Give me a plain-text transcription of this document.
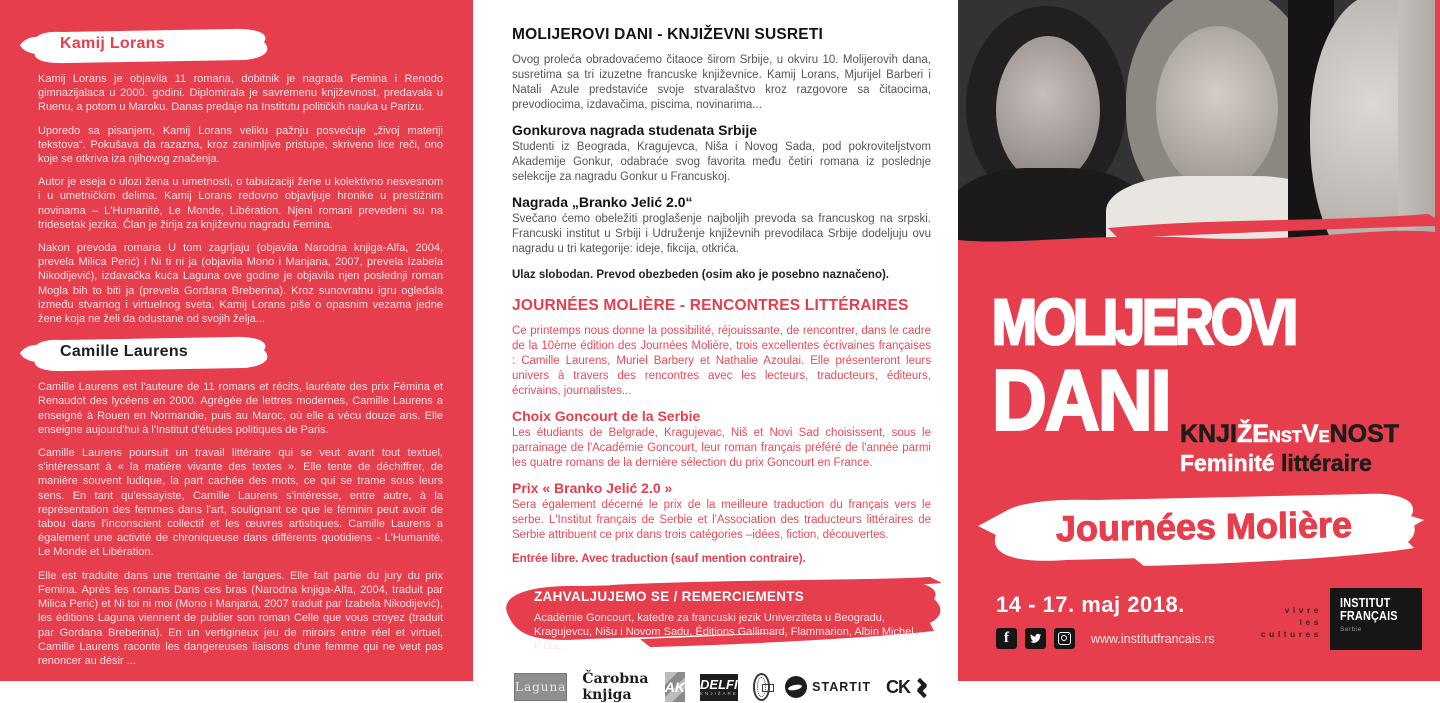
Kamij Lorans

Kamij Lorans je objavila 11 romana, dobitnik je nagrada Femina i Renodo gimnazijalaca u 2000. godini. Diplomirala je savremenu književnost, predavala u Ruenu, a potom u Maroku. Danas predaje na Institutu političkih nauka u Parizu.

Uporedo sa pisanjem, Kamij Lorans veliku pažnju posvećuje „živoj materiji tekstova“. Pokušava da razazna, kroz zanimljive pristupe, skriveno lice reči, ono koje se otkriva iza njihovog značenja.

Autor je eseja o ulozi žena u umetnosti, o tabuizaciji žene u kolektivno nesvesnom i u umetničkim delima. Kamij Lorans redovno objavljuje hronike u prestižnim novinama – L'Humanité, Le Monde, Libération. Njeni romani prevedeni su na tridesetak jezika. Član je žirija za književnu nagradu Femina.

Nakon prevoda romana U tom zagrljaju (objavila Narodna knjiga-Alfa, 2004, prevela Milica Perić) i Ni ti ni ja (objavila Mono i Manjana, 2007, prevela Izabela Nikodijević), izdavačka kuća Laguna ove godine je objavila njen poslednji roman Mogla bih to biti ja (prevela Gordana Breberina). Kroz sunovratnu igru ogledala između stvarnog i virtuelnog sveta, Kamij Lorans piše o opasnim vezama jedne žene koja ne želi da odustane od svojih želja...

Camille Laurens

Camille Laurens est l'auteure de 11 romans et récits, lauréate des prix Fémina et Renaudot des lycéens en 2000. Agrégée de lettres modernes, Camille Laurens a enseigné à Rouen en Normandie, puis au Maroc, où elle a vécu douze ans. Elle enseigne aujourd'hui à l'Institut d'études politiques de Paris.

Camille Laurens poursuit un travail littéraire qui se veut avant tout textuel, s'intéressant à « la matière vivante des textes ». Elle tente de déchiffrer, de manière souvent ludique, la part cachée des mots, ce qui se trame sous leurs sens. En tant qu'essayiste, Camille Laurens s'intéresse, entre autre, à la représentation des femmes dans l'art, soulignant ce que le féminin peut avoir de tabou dans l'inconscient collectif et les œuvres artistiques. Camille Laurens a également une activité de chroniqueuse dans différents quotidiens - L'Humanité, Le Monde et Libération.

Elle est traduite dans une trentaine de langues. Elle fait partie du jury du prix Femina. Après les romans Dans ces bras (Narodna knjiga-Alfa, 2004, traduit par Milica Perić) et Ni toi ni moi (Mono i Manjana, 2007 traduit par Izabela Nikodijević), les éditions Laguna viennent de publier son roman Celle que vous croyez (traduit par Gordana Breberina). En un vertigineux jeu de miroirs entre réel et virtuel, Camille Laurens raconte les dangereuses liaisons d'une femme qui ne veut pas renoncer au désir ...

MOLIJEROVI DANI - KNJIŽEVNI SUSRETI

Ovog proleća obradovaćemo čitaoce širom Srbije, u okviru 10. Molijerovih dana, susretima sa tri izuzetne francuske književnice. Kamij Lorans, Mjurijel Barberi i Natali Azule predstaviće svoje stvaralaštvo kroz razgovore sa čitaocima, prevodiocima, izdavačima, piscima, novinarima...

Gonkurova nagrada studenata Srbije

Studenti iz Beograda, Kragujevca, Niša i Novog Sada, pod pokroviteljstvom Akademije Gonkur, odabraće svog favorita među četiri romana iz poslednje selekcije za nagradu Gonkur u Francuskoj.

Nagrada „Branko Jelić 2.0“

Svečano ćemo obeležiti proglašenje najboljih prevoda sa francuskog na srpski. Francuski institut u Srbiji i Udruženje književnih prevodilaca Srbije dodeljuju ovu nagradu u tri kategorije: ideje, fikcija, otkrića.

Ulaz slobodan. Prevod obezbeden (osim ako je posebno naznačeno).

JOURNÉES MOLIÈRE - RENCONTRES LITTÉRAIRES

Ce printemps nous donne la possibilité, réjouissante, de rencontrer, dans le cadre de la 10ème édition des Journées Molière, trois excellentes écrivaines françaises : Camille Laurens, Muriel Barbery et Nathalie Azoulai. Elle présenteront leurs univers à travers des rencontres avec les lecteurs, traducteurs, éditeurs, écrivains, journalistes...

Choix Goncourt de la Serbie

Les étudiants de Belgrade, Kragujevac, Niš et Novi Sad choisissent, sous le parrainage de l'Académie Goncourt, leur roman français préféré de l'année parmi les quatre romans de la dernière sélection du prix Goncourt en France.

Prix « Branko Jelić 2.0 »

Sera également décerné le prix de la meilleure traduction du français vers le serbe. L'Institut français de Serbie et l'Association des traducteurs littéraires de Serbie attribuent ce prix dans trois catégories –idées, fiction, découvertes.

Entrée libre. Avec traduction (sauf mention contraire).

ZAHVALJUJEMO SE / REMERCIEMENTS
Académie Goncourt, katedre za francuski jezik Univerziteta u Beogradu, Kragujevcu, Nišu i Novom Sadu, Éditions Gallimard, Flammarion, Albin Michel, P.O.L.
Laguna Čarobna knjiga	AK DELFI
KNJIŽARE	STARTIT CK
MOLIJEROVI
DANI KNJIŽENSTVENOST
Feminité littéraire
Journées Molière
14 - 17. maj 2018.
f	www.institutfrancais.rs
vivre
les
cultures
INSTITUT
FRANÇAIS
Serbie
